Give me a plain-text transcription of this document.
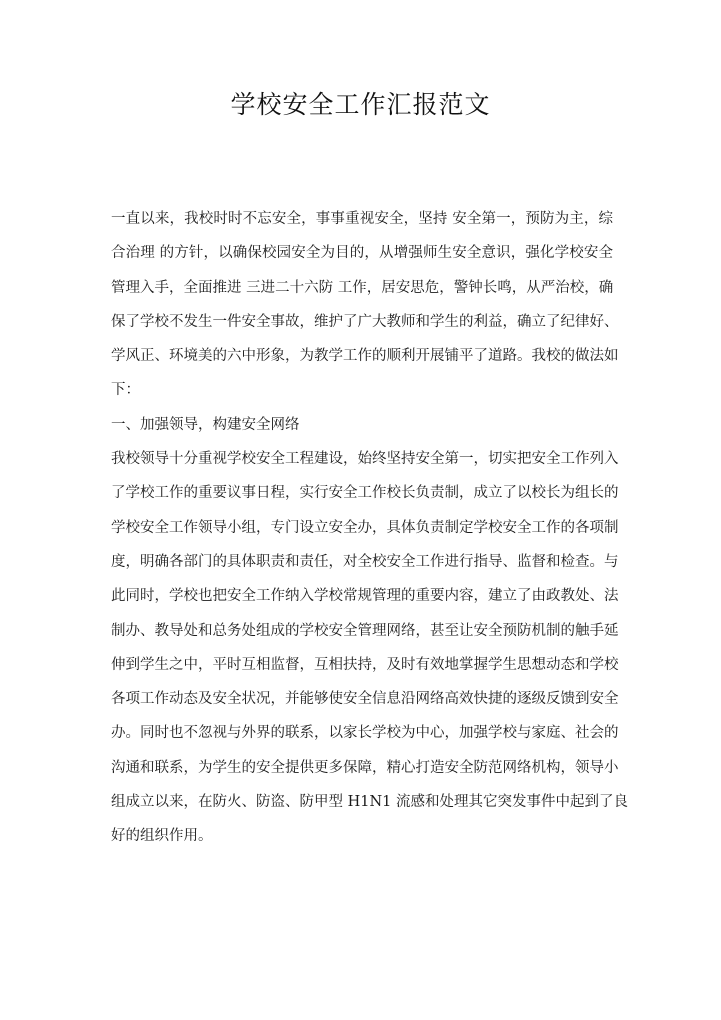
学校安全工作汇报范文
一直以来，我校时时不忘安全，事事重视安全，坚持 安全第一，预防为主，综
合治理 的方针，以确保校园安全为目的，从增强师生安全意识，强化学校安全
管理入手，全面推进 三进二十六防 工作，居安思危，警钟长鸣，从严治校，确
保了学校不发生一件安全事故，维护了广大教师和学生的利益，确立了纪律好、
学风正、环境美的六中形象，为教学工作的顺利开展铺平了道路。我校的做法如
下：
一、加强领导，构建安全网络
我校领导十分重视学校安全工程建设，始终坚持安全第一，切实把安全工作列入
了学校工作的重要议事日程，实行安全工作校长负责制，成立了以校长为组长的
学校安全工作领导小组，专门设立安全办，具体负责制定学校安全工作的各项制
度，明确各部门的具体职责和责任，对全校安全工作进行指导、监督和检查。与
此同时，学校也把安全工作纳入学校常规管理的重要内容，建立了由政教处、法
制办、教导处和总务处组成的学校安全管理网络，甚至让安全预防机制的触手延
伸到学生之中，平时互相监督，互相扶持，及时有效地掌握学生思想动态和学校
各项工作动态及安全状况，并能够使安全信息沿网络高效快捷的逐级反馈到安全
办。同时也不忽视与外界的联系，以家长学校为中心，加强学校与家庭、社会的
沟通和联系，为学生的安全提供更多保障，精心打造安全防范网络机构，领导小
组成立以来，在防火、防盗、防甲型 H1N1 流感和处理其它突发事件中起到了良
好的组织作用。
